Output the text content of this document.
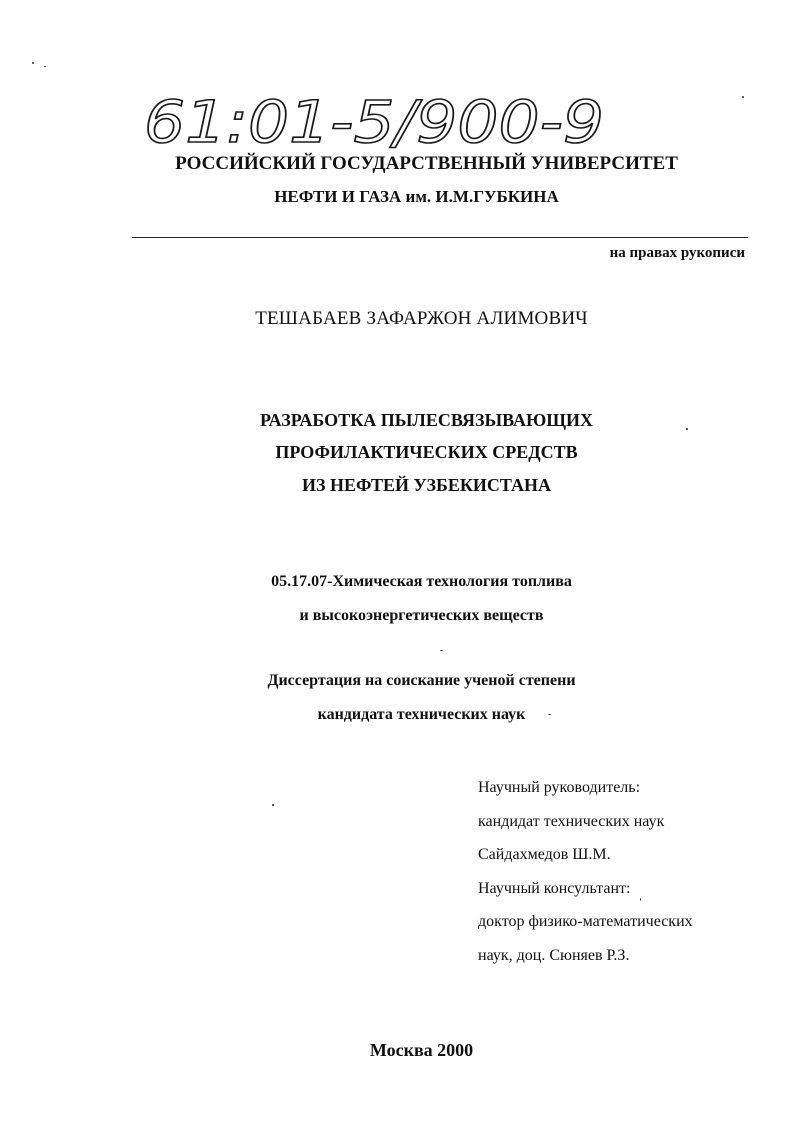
61:01-5/900-9
РОССИЙСКИЙ ГОСУДАРСТВЕННЫЙ УНИВЕРСИТЕТ
НЕФТИ И ГАЗА им. И.М.ГУБКИНА
на правах рукописи
ТЕШАБАЕВ ЗАФАРЖОН АЛИМОВИЧ
РАЗРАБОТКА ПЫЛЕСВЯЗЫВАЮЩИХ
ПРОФИЛАКТИЧЕСКИХ СРЕДСТВ
ИЗ НЕФТЕЙ УЗБЕКИСТАНА
05.17.07-Химическая технология топлива
и высокоэнергетических веществ
Диссертация на соискание ученой степени
кандидата технических наук
Научный руководитель:
кандидат технических наук
Сайдахмедов Ш.М.
Научный консультант:
доктор физико-математических
наук, доц. Сюняев Р.З.
Москва 2000
